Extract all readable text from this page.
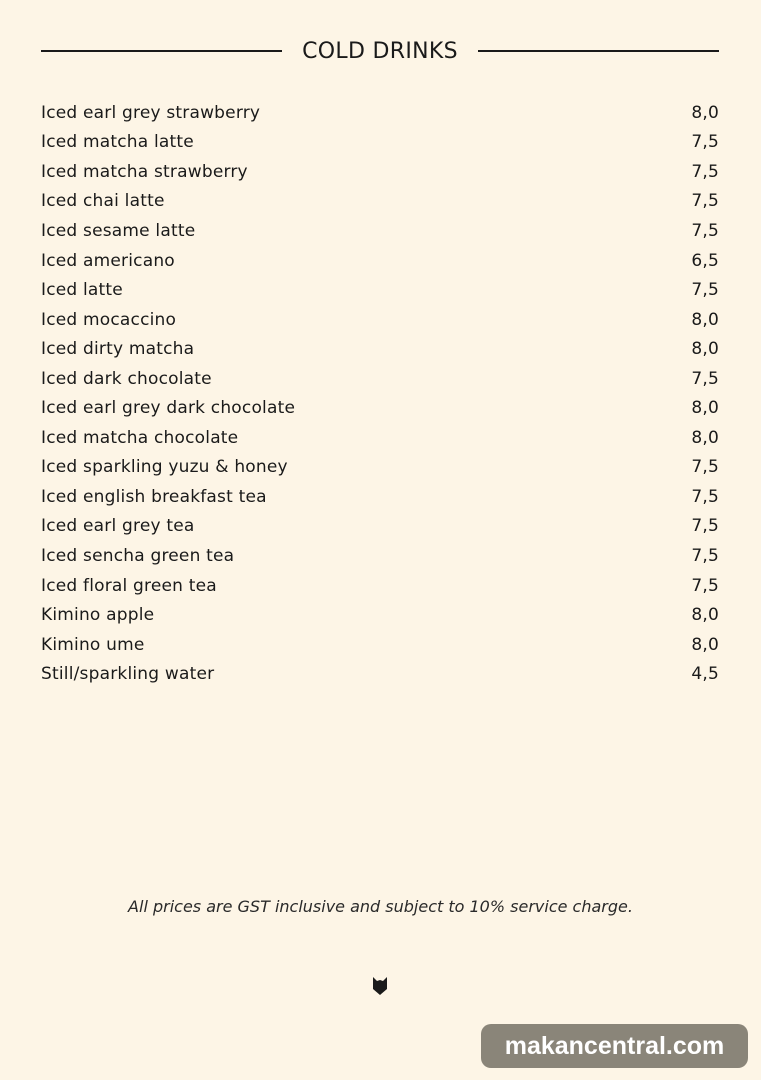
COLD DRINKS
Iced earl grey strawberry	8,0
Iced matcha latte	7,5
Iced matcha strawberry	7,5
Iced chai latte	7,5
Iced sesame latte	7,5
Iced americano	6,5
Iced latte	7,5
Iced mocaccino	8,0
Iced dirty matcha	8,0
Iced dark chocolate	7,5
Iced earl grey dark chocolate	8,0
Iced matcha chocolate	8,0
Iced sparkling yuzu & honey	7,5
Iced english breakfast tea	7,5
Iced earl grey tea	7,5
Iced sencha green tea	7,5
Iced floral green tea	7,5
Kimino apple	8,0
Kimino ume	8,0
Still/sparkling water	4,5
All prices are GST inclusive and subject to 10% service charge.
makancentral.com
